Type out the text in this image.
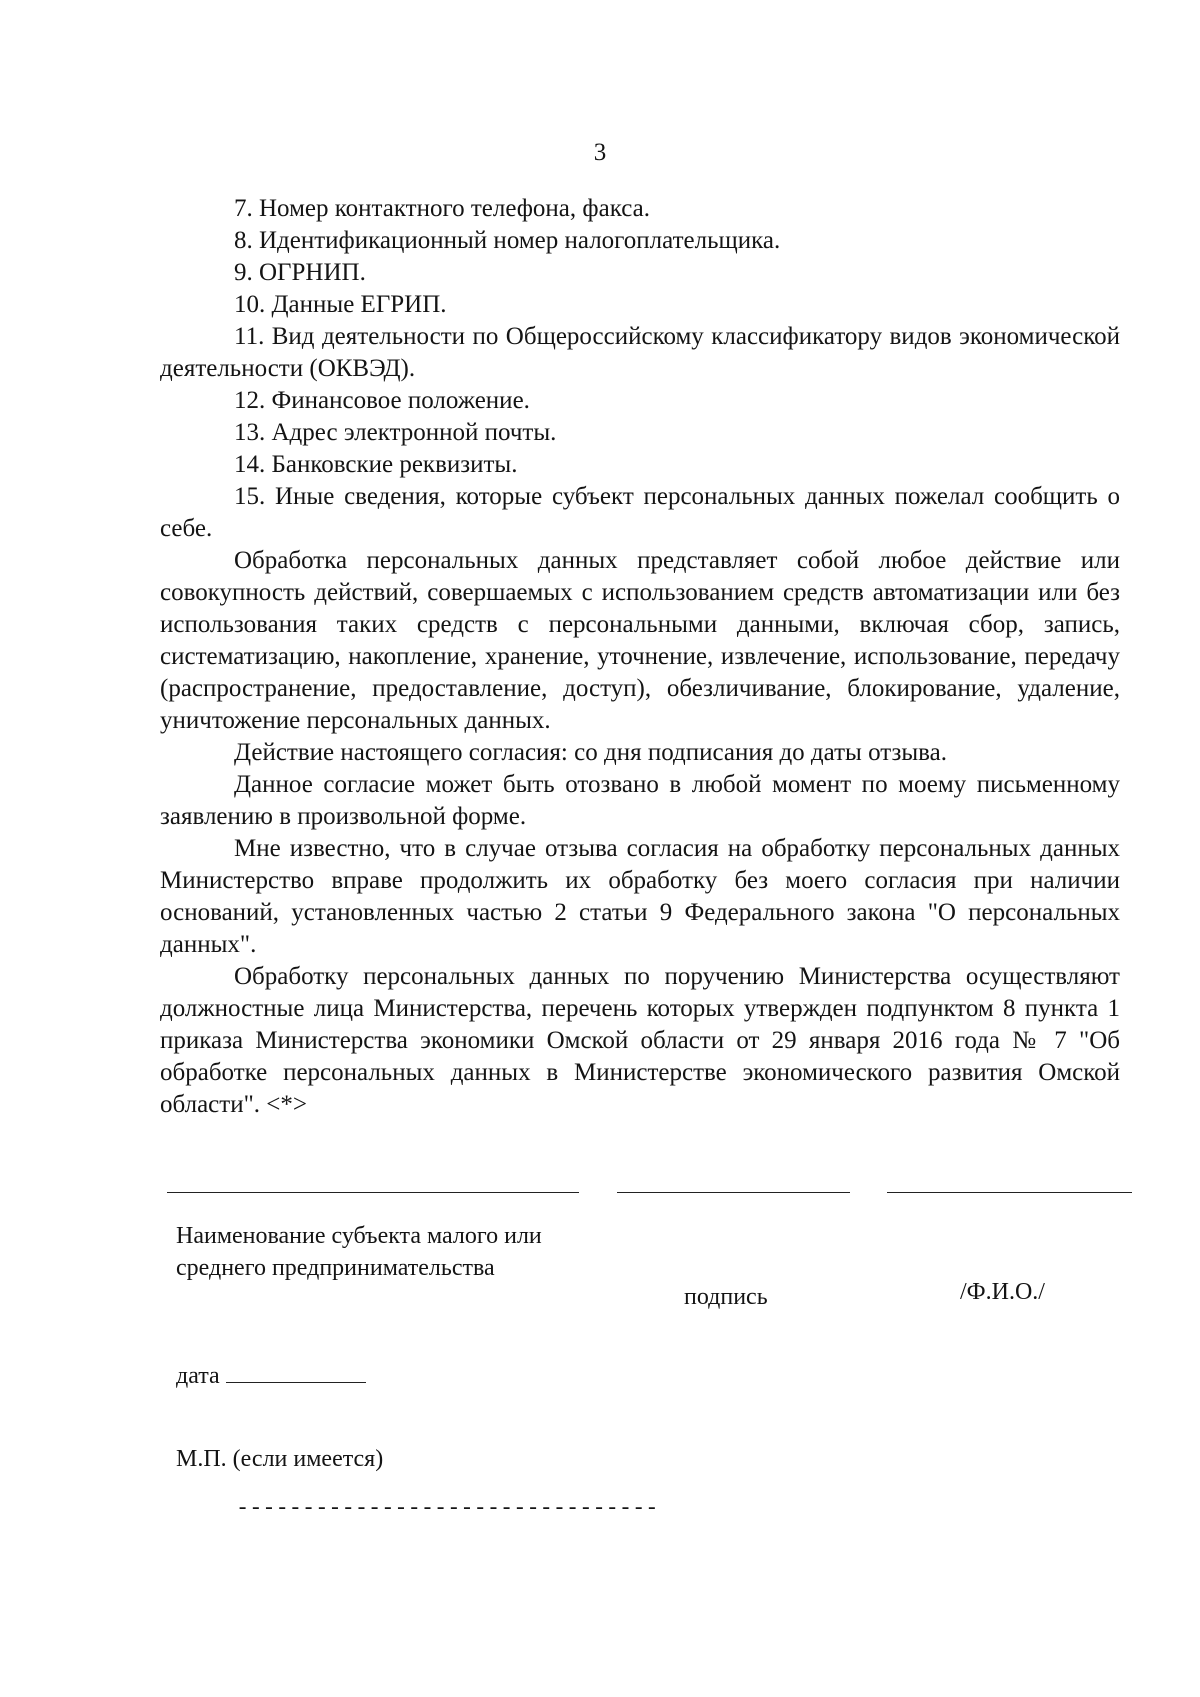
3

7. Номер контактного телефона, факса.

8. Идентификационный номер налогоплательщика.

9. ОГРНИП.

10. Данные ЕГРИП.

11. Вид деятельности по Общероссийскому классификатору видов экономической деятельности (ОКВЭД).

12. Финансовое положение.

13. Адрес электронной почты.

14. Банковские реквизиты.

15. Иные сведения, которые субъект персональных данных пожелал сообщить о себе.

Обработка персональных данных представляет собой любое действие или совокупность действий, совершаемых с использованием средств автоматизации или без использования таких средств с персональными данными, включая сбор, запись, систематизацию, накопление, хранение, уточнение, извлечение, использование, передачу (распространение, предоставление, доступ), обезличивание, блокирование, удаление, уничтожение персональных данных.

Действие настоящего согласия: со дня подписания до даты отзыва.

Данное согласие может быть отозвано в любой момент по моему письменному заявлению в произвольной форме.

Мне известно, что в случае отзыва согласия на обработку персональных данных Министерство вправе продолжить их обработку без моего согласия при наличии оснований, установленных частью 2 статьи 9 Федерального закона "О персональных данных".

Обработку персональных данных по поручению Министерства осуществляют должностные лица Министерства, перечень которых утвержден подпунктом 8 пункта 1 приказа Министерства экономики Омской области от 29 января 2016 года № 7 "Об обработке персональных данных в Министерстве экономического развития Омской области". <*>

Наименование субъекта малого или среднего предпринимательства
подпись	/Ф.И.О./
дата
М.П. (если имеется)
--------------------------------
